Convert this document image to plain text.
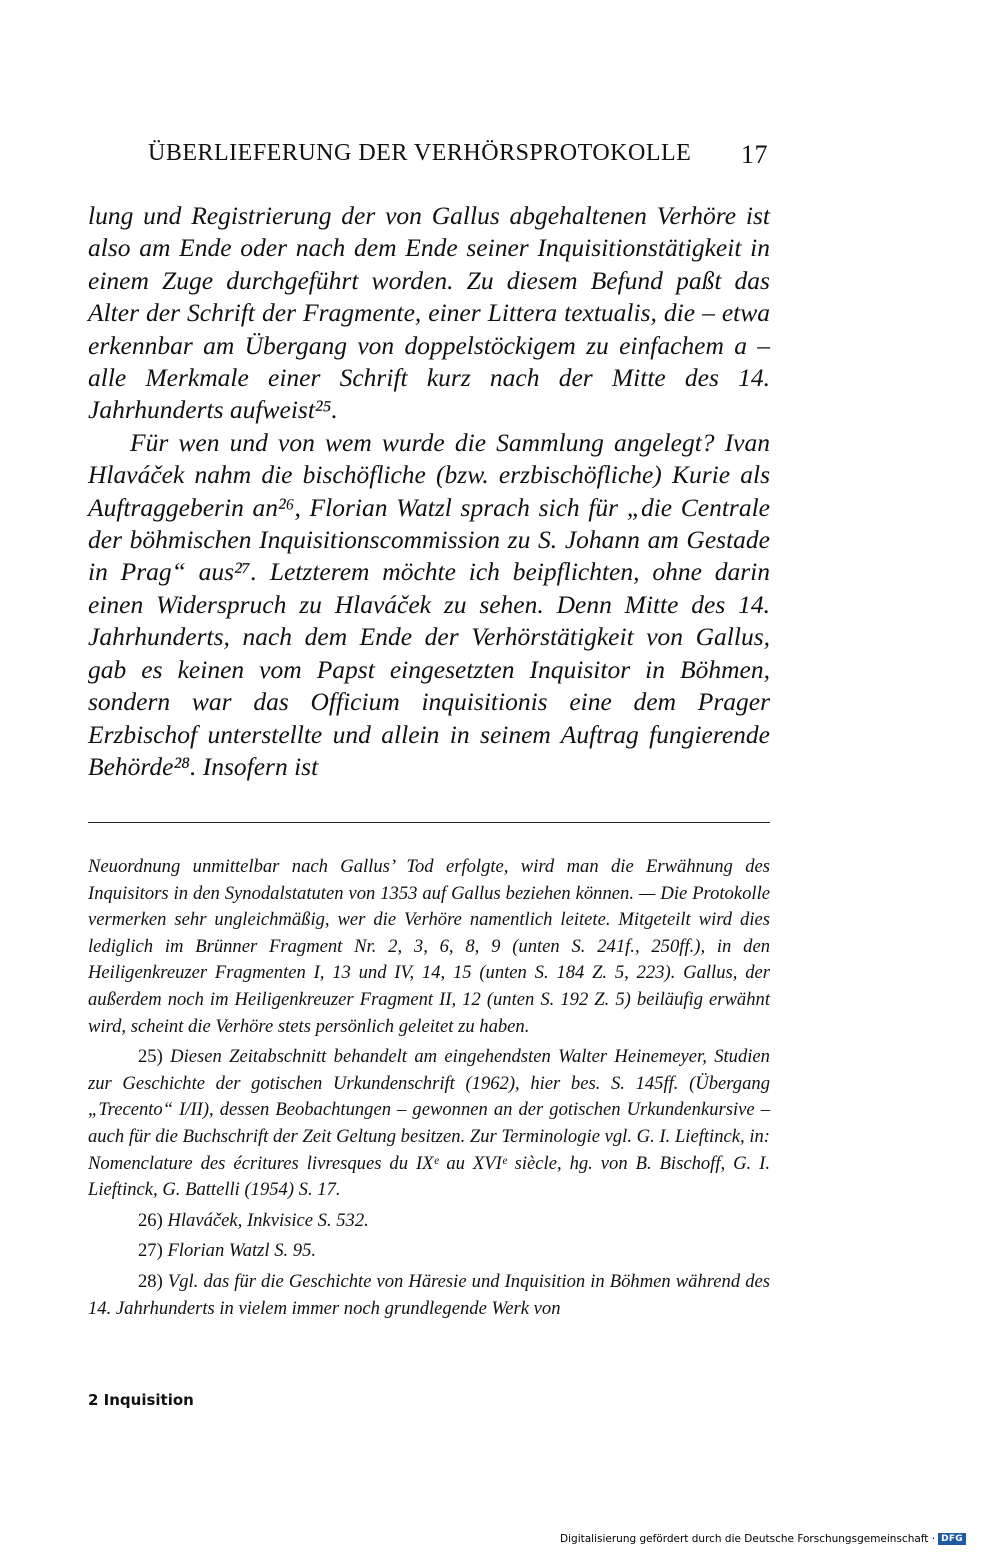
ÜBERLIEFERUNG DER VERHÖRSPROTOKOLLE 17

lung und Registrierung der von Gallus abgehaltenen Verhöre ist also am Ende oder nach dem Ende seiner Inquisitionstätigkeit in einem Zuge durchgeführt worden. Zu diesem Befund paßt das Alter der Schrift der Fragmente, einer Littera textualis, die – etwa erkennbar am Übergang von doppelstöckigem zu einfachem a – alle Merkmale einer Schrift kurz nach der Mitte des 14. Jahrhunderts aufweist²⁵.

Für wen und von wem wurde die Sammlung angelegt? Ivan Hlaváček nahm die bischöfliche (bzw. erzbischöfliche) Kurie als Auftraggeberin an²⁶, Florian Watzl sprach sich für „die Centrale der böhmischen Inquisitionscommission zu S. Johann am Gestade in Prag“ aus²⁷. Letzterem möchte ich beipflichten, ohne darin einen Widerspruch zu Hlaváček zu sehen. Denn Mitte des 14. Jahrhunderts, nach dem Ende der Verhörstätigkeit von Gallus, gab es keinen vom Papst eingesetzten Inquisitor in Böhmen, sondern war das Officium inquisitionis eine dem Prager Erzbischof unterstellte und allein in seinem Auftrag fungierende Behörde²⁸. Insofern ist

Neuordnung unmittelbar nach Gallus’ Tod erfolgte, wird man die Erwähnung des Inquisitors in den Synodalstatuten von 1353 auf Gallus beziehen können. — Die Protokolle vermerken sehr ungleichmäßig, wer die Verhöre namentlich leitete. Mitgeteilt wird dies lediglich im Brünner Fragment Nr. 2, 3, 6, 8, 9 (unten S. 241f., 250ff.), in den Heiligenkreuzer Fragmenten I, 13 und IV, 14, 15 (unten S. 184 Z. 5, 223). Gallus, der außerdem noch im Heiligenkreuzer Fragment II, 12 (unten S. 192 Z. 5) beiläufig erwähnt wird, scheint die Verhöre stets persönlich geleitet zu haben.

25) Diesen Zeitabschnitt behandelt am eingehendsten Walter Heinemeyer, Studien zur Geschichte der gotischen Urkundenschrift (1962), hier bes. S. 145ff. (Übergang „Trecento“ I/II), dessen Beobachtungen – gewonnen an der gotischen Urkundenkursive – auch für die Buchschrift der Zeit Geltung besitzen. Zur Terminologie vgl. G. I. Lieftinck, in: Nomenclature des écritures livresques du IXᵉ au XVIᵉ siècle, hg. von B. Bischoff, G. I. Lieftinck, G. Battelli (1954) S. 17.

26) Hlaváček, Inkvisice S. 532.

27) Florian Watzl S. 95.

28) Vgl. das für die Geschichte von Häresie und Inquisition in Böhmen während des 14. Jahrhunderts in vielem immer noch grundlegende Werk von

2 Inquisition
Digitalisierung gefördert durch die Deutsche Forschungsgemeinschaft · DFG
